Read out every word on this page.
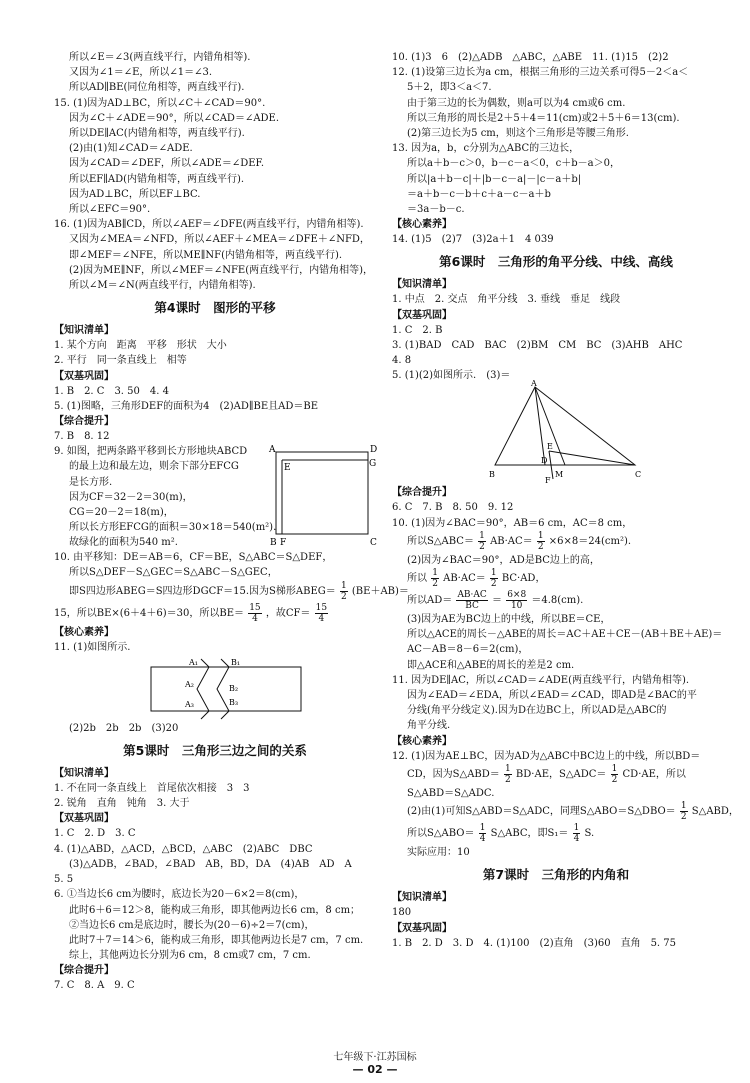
所以∠E＝∠3(两直线平行，内错角相等).
又因为∠1＝∠E，所以∠1＝∠3.
所以AD∥BE(同位角相等，两直线平行).
15. (1)因为AD⊥BC，所以∠C＋∠CAD＝90°.
因为∠C＋∠ADE＝90°，所以∠CAD＝∠ADE.
所以DE∥AC(内错角相等，两直线平行).
(2)由(1)知∠CAD＝∠ADE.
因为∠CAD＝∠DEF，所以∠ADE＝∠DEF.
所以EF∥AD(内错角相等，两直线平行).
因为AD⊥BC，所以EF⊥BC.
所以∠EFC＝90°.
16. (1)因为AB∥CD，所以∠AEF＝∠DFE(两直线平行，内错角相等).
又因为∠MEA＝∠NFD，所以∠AEF＋∠MEA＝∠DFE＋∠NFD，
即∠MEF＝∠NFE，所以ME∥NF(内错角相等，两直线平行).
(2)因为ME∥NF，所以∠MEF＝∠NFE(两直线平行，内错角相等)，
所以∠M＝∠N(两直线平行，内错角相等).
第4课时　图形的平移
【知识清单】
1. 某个方向　距离　平移　形状　大小
2. 平行　同一条直线上　相等
【双基巩固】
1. B　2. C　3. 50　4. 4
5. (1)图略，三角形DEF的面积为4　(2)AD∥BE且AD＝BE
【综合提升】
7. B　8. 12
9. 如图，把两条路平移到长方形地块ABCD
的最上边和最左边，则余下部分EFCG
是长方形.
因为CF＝32－2＝30(m)，
CG＝20－2＝18(m)，
所以长方形EFCG的面积＝30×18＝540(m²).
故绿化的面积为540 m².
A	D
E	G
B F	C
10. 由平移知：DE＝AB＝6，CF＝BE，S△ABC＝S△DEF，
所以S△DEF－S△GEC＝S△ABC－S△GEC，
即S四边形ABEG＝S四边形DGCF＝15.因为S梯形ABEG＝ $\frac{1}{2} (BE+AB)=$
15，所以BE×(6＋4＋6)＝30，所以$BE= \frac{15}{4}$ ，故$CF= \frac{15}{4}$
【核心素养】
11. (1)如图所示.
A₁	B₁
A₂	B₂
A₃	B₃
(2)2b　2b　2b　(3)20
第5课时　三角形三边之间的关系
【知识清单】
1. 不在同一条直线上　首尾依次相接　3　3
2. 锐角　直角　钝角　3. 大于
【双基巩固】
1. C　2. D　3. C
4. (1)△ABD，△ACD，△BCD，△ABC　(2)ABC　DBC
(3)△ADB，∠BAD，∠BAD　AB，BD，DA　(4)AB　AD　A
5. 5
6. ①当边长6 cm为腰时，底边长为20－6×2＝8(cm)，
此时6＋6＝12＞8，能构成三角形，即其他两边长6 cm，8 cm；
②当边长6 cm是底边时，腰长为(20－6)÷2＝7(cm)，
此时7＋7＝14＞6，能构成三角形，即其他两边长是7 cm，7 cm.
综上，其他两边长分别为6 cm，8 cm或7 cm，7 cm.
【综合提升】
7. C　8. A　9. C
10. (1)3　6　(2)△ADB　△ABC，△ABE　11. (1)15　(2)2
12. (1)设第三边长为a cm，根据三角形的三边关系可得5－2＜a＜
5＋2，即3＜a＜7.
由于第三边的长为偶数，则a可以为4 cm或6 cm.
所以三角形的周长是2＋5＋4＝11(cm)或2＋5＋6＝13(cm).
(2)第三边长为5 cm，则这个三角形是等腰三角形.
13. 因为a，b，c分别为△ABC的三边长，
所以a＋b－c＞0，b－c－a＜0，c＋b－a＞0，
所以|a＋b－c|＋|b－c－a|－|c－a＋b|
＝a＋b－c－b＋c＋a－c－a＋b
＝3a－b－c.
【核心素养】
14. (1)5　(2)7　(3)2a＋1　4 039
第6课时　三角形的角平分线、中线、高线
【知识清单】
1. 中点　2. 交点　角平分线　3. 垂线　垂足　线段
【双基巩固】
1. C　2. B
3. (1)BAD　CAD　BAC　(2)BM　CM　BC　(3)AHB　AHC
4. 8
5. (1)(2)如图所示.　(3)＝
A
B	C
D
E
F
M
【综合提升】
6. C　7. B　8. 50　9. 12
10. (1)因为∠BAC＝90°，AB＝6 cm，AC＝8 cm，
所以S△ABC＝ $\frac{1}{2} AB\cdot AC= \frac{1}{2} \times 6\times 8=24(cm^2)$.
(2)因为∠BAC＝90°，AD是BC边上的高，
所以 $\frac{1}{2} AB\cdot AC= \frac{1}{2} BC\cdot AD$，
所以$AD= \frac{AB\cdot AC}{BC} = \frac{6\times 8}{10} =4.8(cm)$.
(3)因为AE为BC边上的中线，所以BE＝CE，
所以△ACE的周长－△ABE的周长＝AC＋AE＋CE－(AB＋BE＋AE)＝
AC－AB＝8－6＝2(cm)，
即△ACE和△ABE的周长的差是2 cm.
11. 因为DE∥AC，所以∠CAD＝∠ADE(两直线平行，内错角相等).
因为∠EAD＝∠EDA，所以∠EAD＝∠CAD，即AD是∠BAC的平
分线(角平分线定义).因为D在边BC上，所以AD是△ABC的
角平分线.
【核心素养】
12. (1)因为AE⊥BC，因为AD为△ABC中BC边上的中线，所以BD＝
CD，因为S△ABD＝ $\frac{1}{2} BD\cdot AE$，S△ADC＝ $\frac{1}{2} CD\cdot AE$，所以
S△ABD＝S△ADC.
(2)由(1)可知S△ABD＝S△ADC，同理S△ABO＝S△DBO＝ $\frac{1}{2}$ S△ABD，
所以S△ABO＝ $\frac{1}{4}$ S△ABC，即$S_1= \frac{1}{4} S$.
实际应用：10
第7课时　三角形的内角和
【知识清单】
180
【双基巩固】
1. B　2. D　3. D　4. (1)100　(2)直角　(3)60　直角　5. 75
七年级下·江苏国标
— 02 —
